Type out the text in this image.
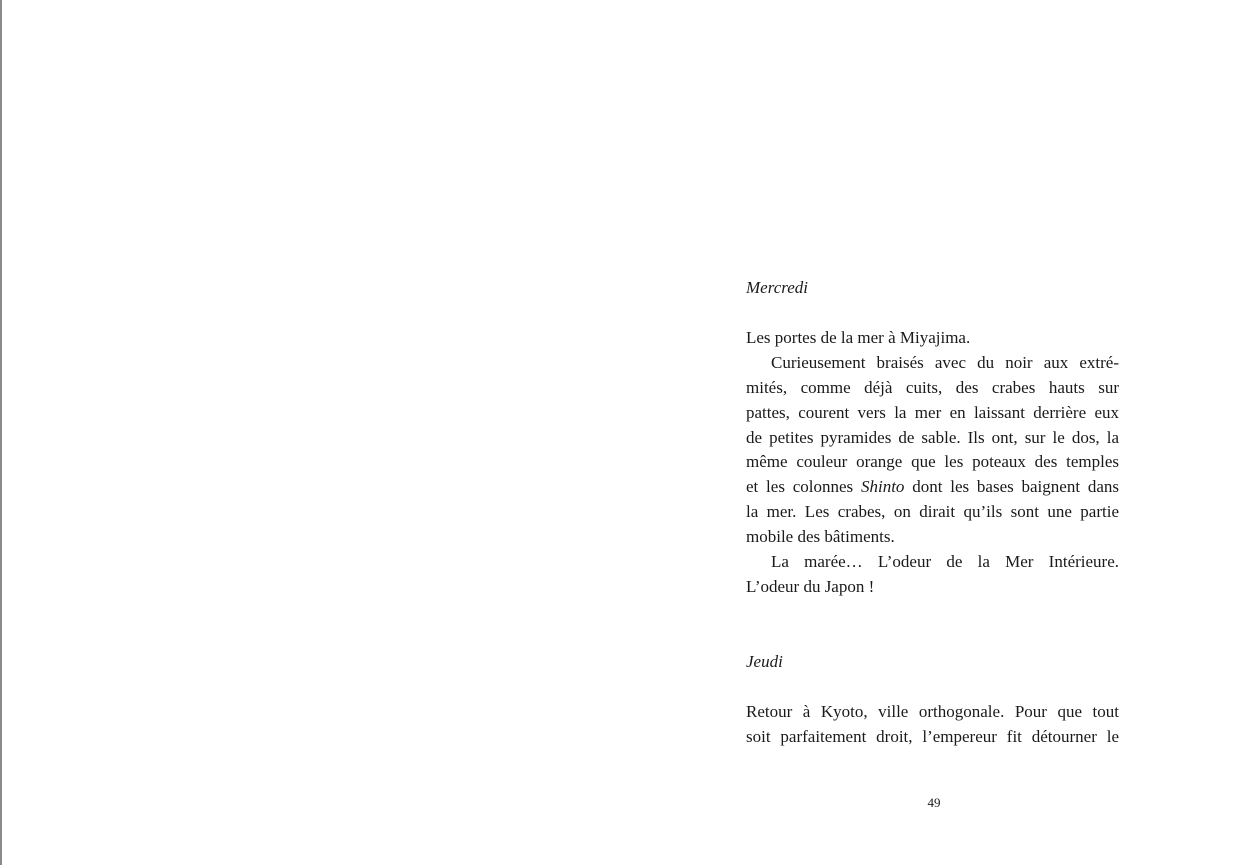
Mercredi

Les portes de la mer à Miyajima.
Curieusement braisés avec du noir aux extré-
mités, comme déjà cuits, des crabes hauts sur
pattes, courent vers la mer en laissant derrière eux
de petites pyramides de sable. Ils ont, sur le dos, la
même couleur orange que les poteaux des temples
et les colonnes Shinto dont les bases baignent dans
la mer. Les crabes, on dirait qu’ils sont une partie
mobile des bâtiments.
La marée… L’odeur de la Mer Intérieure.
L’odeur du Japon !

Jeudi

Retour à Kyoto, ville orthogonale. Pour que tout
soit parfaitement droit, l’empereur fit détourner le
49
